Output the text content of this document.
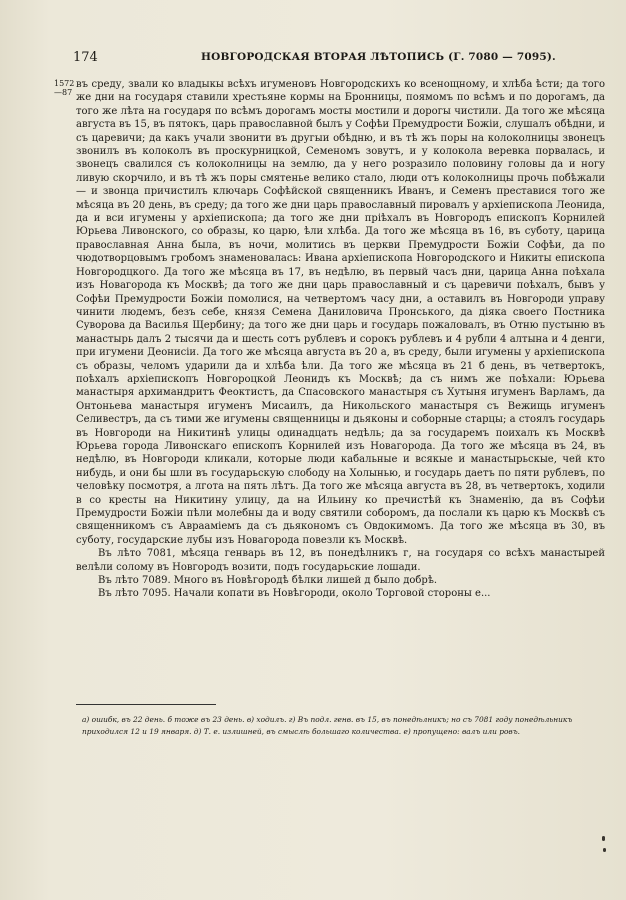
174	НОВГОРОДСКАЯ ВТОРАЯ ЛѢТОПИСЬ (Г. 7080 — 7095).
1572
—87

въ среду, звали ко владыкы всѣхъ игуменовъ Новгородскихъ ко всенощному, и хлѣба ѣсти; да того же дни на государя ставили хрестьяне кормы на Бронницы, поямомъ по всѣмъ и по дорогамъ, да того же лѣта на государя по всѣмъ дорогамъ мосты мостили и дорогы чистили. Да того же мѣсяца августа въ 15, въ пятокъ, царь православной былъ у Софѣи Премудрости Божiи, слушалъ обѣдни, и съ царевичи; да какъ учали звонити въ другыи обѣдню, и въ тѣ жъ поры на колоколницы звонецъ звонилъ въ колоколъ въ проскурницкой, Семеномъ зовутъ, и у колокола веревка порвалась, и звонецъ свалился съ колоколницы на землю, да у него розразило половину головы да и ногу ливую скорчило, и въ тѣ жъ поры смятенье велико стало, люди отъ колоколницы прочь побѣжали — и звонца причистилъ ключарь Софѣйской священникъ Иванъ, и Семенъ преставися того же мѣсяца въ 20 день, въ среду; да того же дни царь православный пировалъ у архiепископа Леонида, да и вси игумены у архiепископа; да того же дни прiѣхалъ въ Новгородъ епископъ Корнилей Юрьева Ливонского, со образы, ко царю, ѣли хлѣба. Да того же мѣсяца въ 16, въ суботу, царица православная Анна была, въ ночи, молитись въ церкви Премудрости Божiи Софѣи, да по чюдотворцовымъ гробомъ знаменовалась: Ивана архiепископа Новгородского и Никиты епископа Новгородцкого. Да того же мѣсяца въ 17, въ недѣлю, въ первый часъ дни, царица Анна поѣхала изъ Новагорода къ Москвѣ; да того же дни царь православный и съ царевичи поѣхалъ, бывъ у Софѣи Премудрости Божiи помолися, на четвертомъ часу дни, а оставилъ въ Новгороди управу чинити людемъ, безъ себе, князя Семена Даниловича Пронського, да дiяка своего Постника Суворова да Василья Щербину; да того же дни царь и государь пожаловалъ, въ Отню пустыню въ манастырь далъ 2 тысячи да и шесть сотъ рублевъ и сорокъ рублевъ и 4 рубли 4 алтына и 4 денги, при игумени Деонисiи. Да того же мѣсяца августа въ 20 а, въ среду, были игумены у архiепископа съ образы, челомъ ударили да и хлѣба ѣли. Да того же мѣсяца въ 21 б день, въ четвертокъ, поѣхалъ архiепископъ Новгороцкой Леонидъ къ Москвѣ; да съ нимъ же поѣхали: Юрьева манастыря архимандритъ Феоктистъ, да Спасовского манастыря съ Хутыня игуменъ Варламъ, да Онтоньева манастыря игуменъ Мисаилъ, да Никольского манастыря съ Вежищь игуменъ Селивестръ, да съ тими же игумены священницы и дьяконы и соборные старцы; а стоялъ государь въ Новгороди на Никитинѣ улицы одинадцать недѣль; да за государемъ поихалъ къ Москвѣ Юрьева города Ливонскаго епископъ Корнилей изъ Новагорода. Да того же мѣсяца въ 24, въ недѣлю, въ Новгороди кликали, которые люди кабальные и всякые и манастырьскые, чей кто нибудь, и они бы шли въ государьскую слободу на Холынью, и государь даетъ по пяти рублевъ, по человѣку посмотря, а лгота на пять лѣтъ. Да того же мѣсяца августа въ 28, въ четвертокъ, ходили в со кресты на Никитину улицу, да на Ильину ко пречистѣй къ Знаменiю, да въ Софѣи Премудрости Божiи пѣли молебны да и воду святили соборомъ, да послали къ царю къ Москвѣ съ священникомъ съ Авраамiемъ да съ дьякономъ съ Овдокимомъ. Да того же мѣсяца въ 30, въ суботу, государские лубы изъ Новагорода повезли къ Москвѣ.

Въ лѣто 7081, мѣсяца генварь въ 12, въ понедѣлникъ г, на государя со всѣхъ манастырей велѣли солому въ Новгородъ возити, подъ государьские лошади.

Въ лѣто 7089. Много въ Новѣгородѣ бѣлки лишей д было добрѣ.

Въ лѣто 7095. Начали копати въ Новѣгороди, около Торговой стороны е...

а) ошибк, въ 22 день. б тоже въ 23 день. в) ходилъ. г) Въ подл. генв. въ 15, въ понедѣлникъ; но съ 7081 году понедѣльникъ приходился 12 и 19 января. д) Т. е. излишней, въ смыслѣ большаго количества. е) пропущено: валъ или ровъ.
